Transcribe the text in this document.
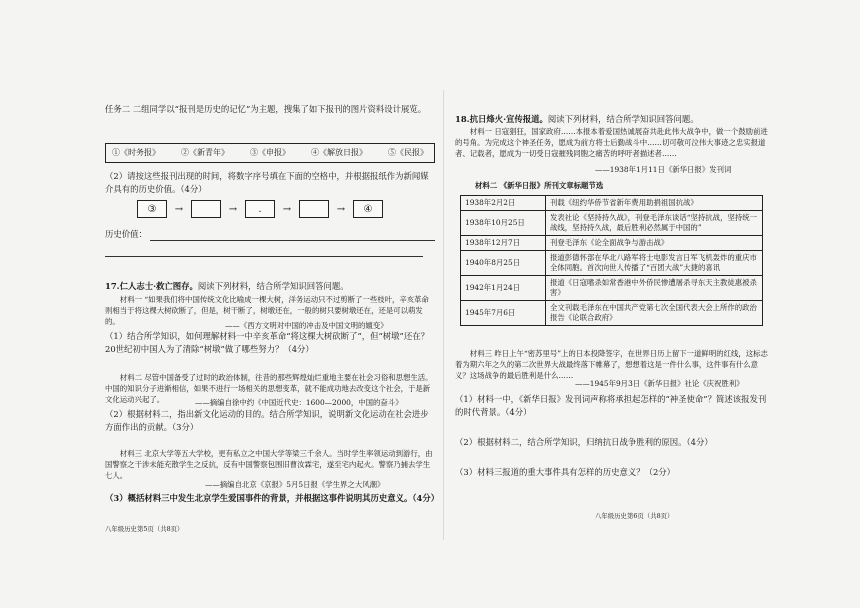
任务二 二组同学以“报刊是历史的记忆”为主题，搜集了如下报刊的图片资料设计展览。

①《时务报》	②《新青年》	③《申报》	④《解放日报》	⑤《民报》

（2）请按这些报刊出现的时间，将数字序号填在下面的空格中，并根据报纸作为新闻媒介具有的历史价值。（4分）

③	→	→	.	→	→	④
历史价值：

17.仁人志士·救亡图存。阅读下列材料，结合所学知识回答问题。

材料一 “如果我们将中国传统文化比喻成一棵大树，洋务运动只不过剪断了一些枝叶，辛亥革命则相当于将这棵大树砍断了，但是，树干断了，树墩还在，一般的树只要树墩还在，还是可以萌发的。	——《西方文明对中国的冲击及中国文明的嬗变》

（1）结合所学知识，如何理解材料一中辛亥革命“将这棵大树砍断了”，但“树墩”还在？20世纪初中国人为了清除“树墩”做了哪些努力？（4分）

材料二 尽管中国备受了过时的政治体制，往昔的那些辉煌灿烂重地主要在社会习俗和思想生活。中国的知识分子进渐相信，如果不进行一场相关的思想变革，就不能成功地去改变这个社会，于是新文化运动兴起了。	——摘编自徐中约《中国近代史：1600—2000，中国的奋斗》

（2）根据材料二，指出新文化运动的目的。结合所学知识，说明新文化运动在社会进步方面作出的贡献。（3分）

材料三 北京大学等五大学校，更有私立之中国大学等梁三千余人。当时学生率领运动到游行，由国警察之干涉未能充散学生之反抗，反有中国警察包围旧曹汝霖宅，遂至宅内起火。警察乃捕去学生七人。

——摘编自北京《京报》5月5日报《学生界之大风潮》

（3）概括材料三中发生北京学生爱国事件的背景，并根据这事件说明其历史意义。（4分）

八年级历史第5页（共8页）

18.抗日烽火·宣传报道。阅读下列材料，结合所学知识回答问题。

材料一 日寇猖狂，国家政府……本报本着爱国热诚展奋共赴此伟大战争中，做一个鼓励前进的号角。为完成这个神圣任务，愿成为前方将士后勤战斗中……切可敬可泣伟大事迹之忠实报道者、记载者，愿成为一切受日寇摧残同胞之痛苦的呼吁者描述者……

——1938年1月11日《新华日报》发刊词

材料二 《新华日报》所刊文章标题节选

1938年2月2日	刊载《纽约华侨节省新年费用助捐祖国抗战》
1938年10月25日	发表社论《坚持持久战》，刊登毛泽东谈话“坚持抗战，坚持统一战线，坚持持久战，最后胜利必然属于中国的”
1938年12月7日	刊登毛泽东《论全面战争与游击战》
1940年8月25日	报道彭德怀部在华北八路军将士电影发言日军飞机轰炸的重庆市全体同胞。首次向世人传播了“百团大战”大捷的喜讯
1942年1月24日	报道《日寇嗜杀如常香港中外侨民惨遭屠杀寻东天主教徒惠被杀害》
1945年7月6日	全文刊载毛泽东在中国共产党第七次全国代表大会上所作的政治报告《论联合政府》

材料三 昨日上午“密苏里号”上的日本投降签字，在世界日历上留下一道鲜明的红线，这标志着为期六年之久的第二次世界大战最终落下帷幕了，想想着这是一件什么事，这件事有什么意义？这场战争的最后胜利是什么……

——1945年9月3日《新华日报》社论《庆祝胜利》

（1）材料一中，《新华日报》发刊词声称将承担起怎样的“神圣使命”？简述该报发刊的时代背景。（4分）

（2）根据材料二，结合所学知识，归纳抗日战争胜利的原因。（4分）

（3）材料三报道的重大事件具有怎样的历史意义？（2分）

八年级历史第6页（共8页）
